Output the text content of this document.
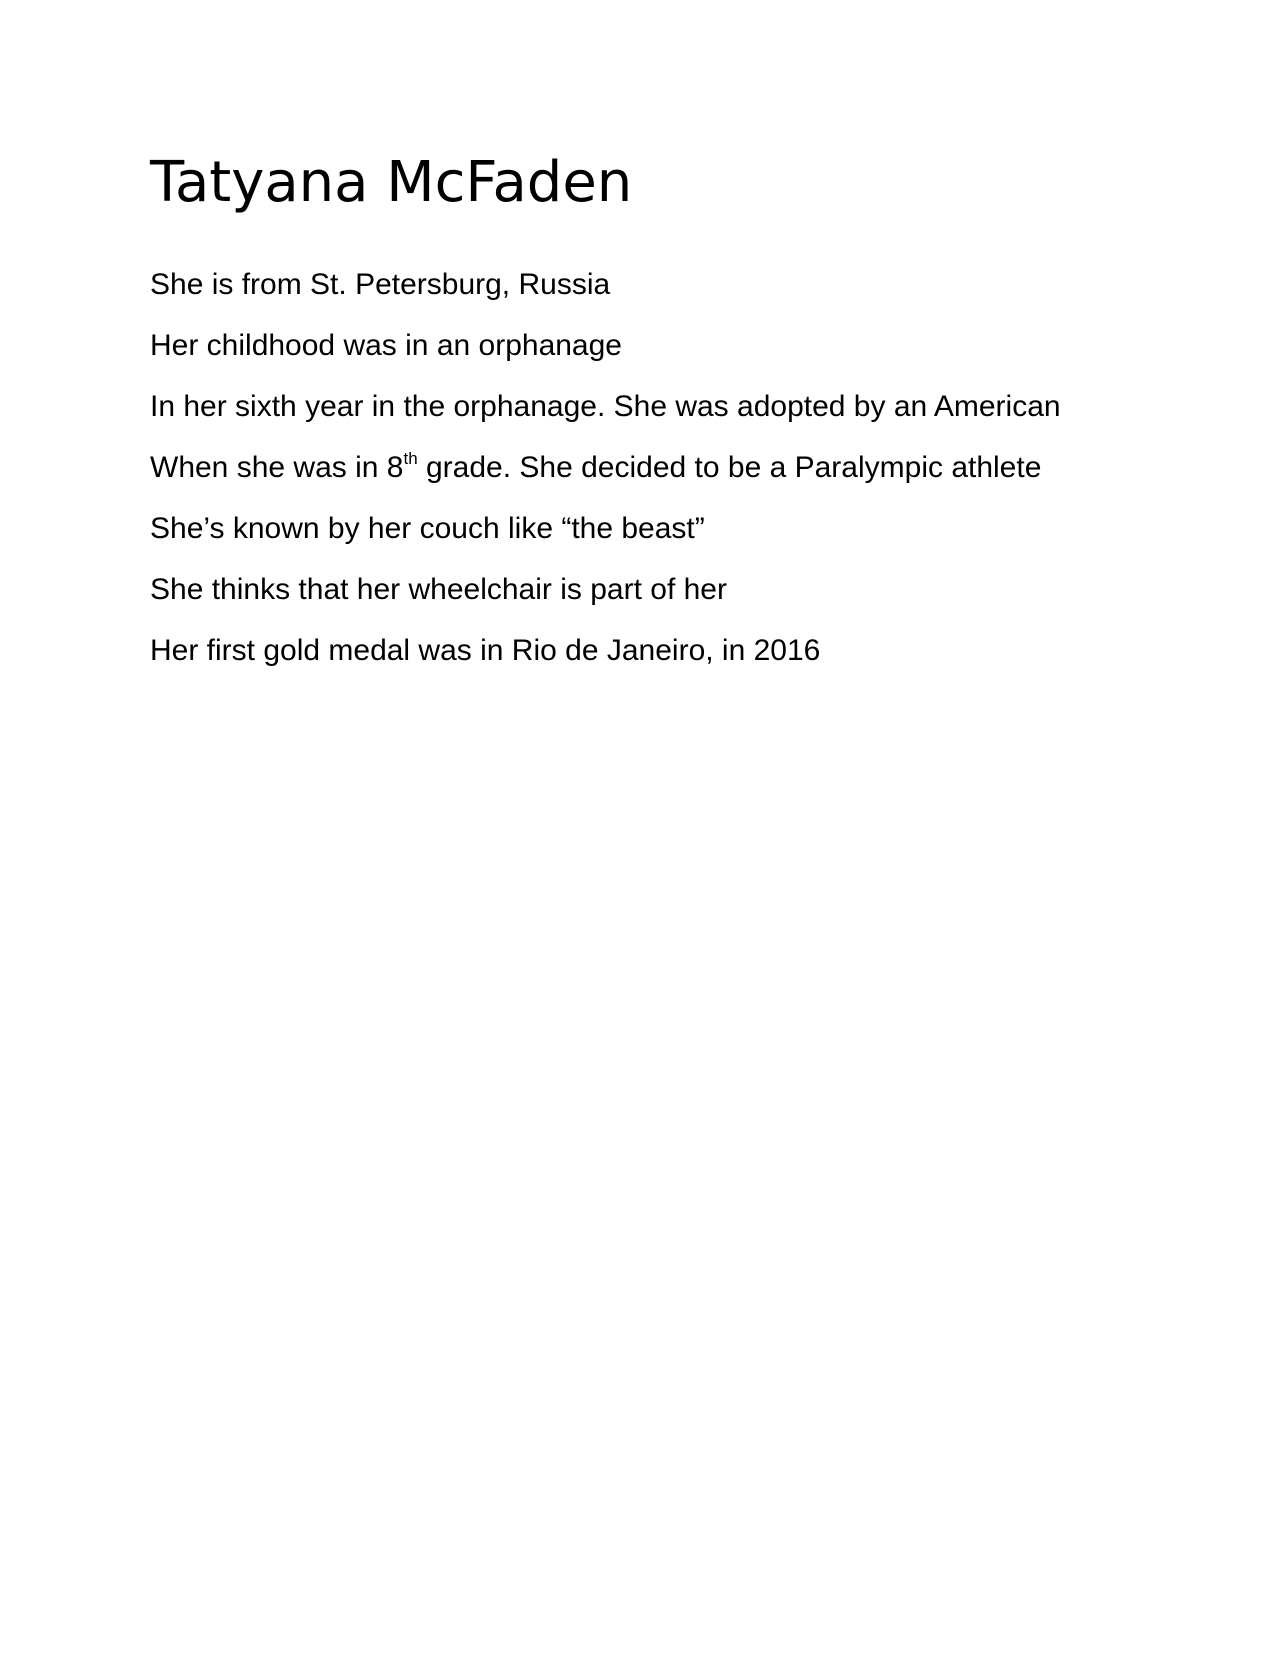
Tatyana McFaden

She is from St. Petersburg, Russia

Her childhood was in an orphanage

In her sixth year in the orphanage. She was adopted by an American

When she was in 8th grade. She decided to be a Paralympic athlete

She’s known by her couch like “the beast”

She thinks that her wheelchair is part of her

Her first gold medal was in Rio de Janeiro, in 2016
